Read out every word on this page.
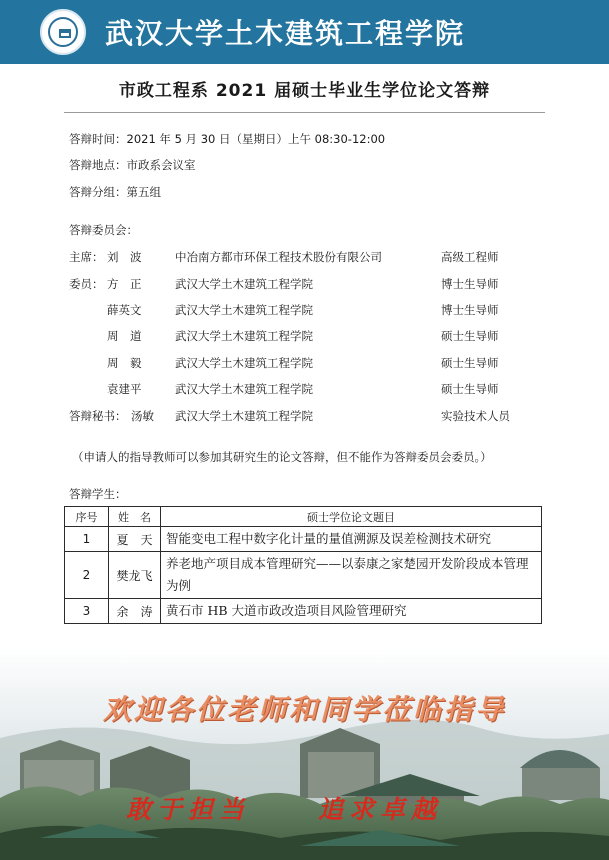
武汉大学土木建筑工程学院
市政工程系 2021 届硕士毕业生学位论文答辩
答辩时间：2021 年 5 月 30 日（星期日）上午 08:30-12:00
答辩地点：市政系会议室
答辩分组：第五组
答辩委员会：
主席： 刘　波	中冶南方都市环保工程技术股份有限公司	高级工程师
委员： 方　正	武汉大学土木建筑工程学院	博士生导师
薛英文	武汉大学土木建筑工程学院	博士生导师
周　道	武汉大学土木建筑工程学院	硕士生导师
周　毅	武汉大学土木建筑工程学院	硕士生导师
袁建平	武汉大学土木建筑工程学院	硕士生导师
答辩秘书： 汤敏	武汉大学土木建筑工程学院	实验技术人员
（申请人的指导教师可以参加其研究生的论文答辩，但不能作为答辩委员会委员。）
答辩学生：
序号	姓　名	硕士学位论文题目
1	夏　天	智能变电工程中数字化计量的量值溯源及误差检测技术研究
2	樊龙飞	养老地产项目成本管理研究——以泰康之家楚园开发阶段成本管理为例
3	余　涛	黄石市 HB 大道市政改造项目风险管理研究
欢迎各位老师和同学莅临指导
敢于担当	追求卓越
